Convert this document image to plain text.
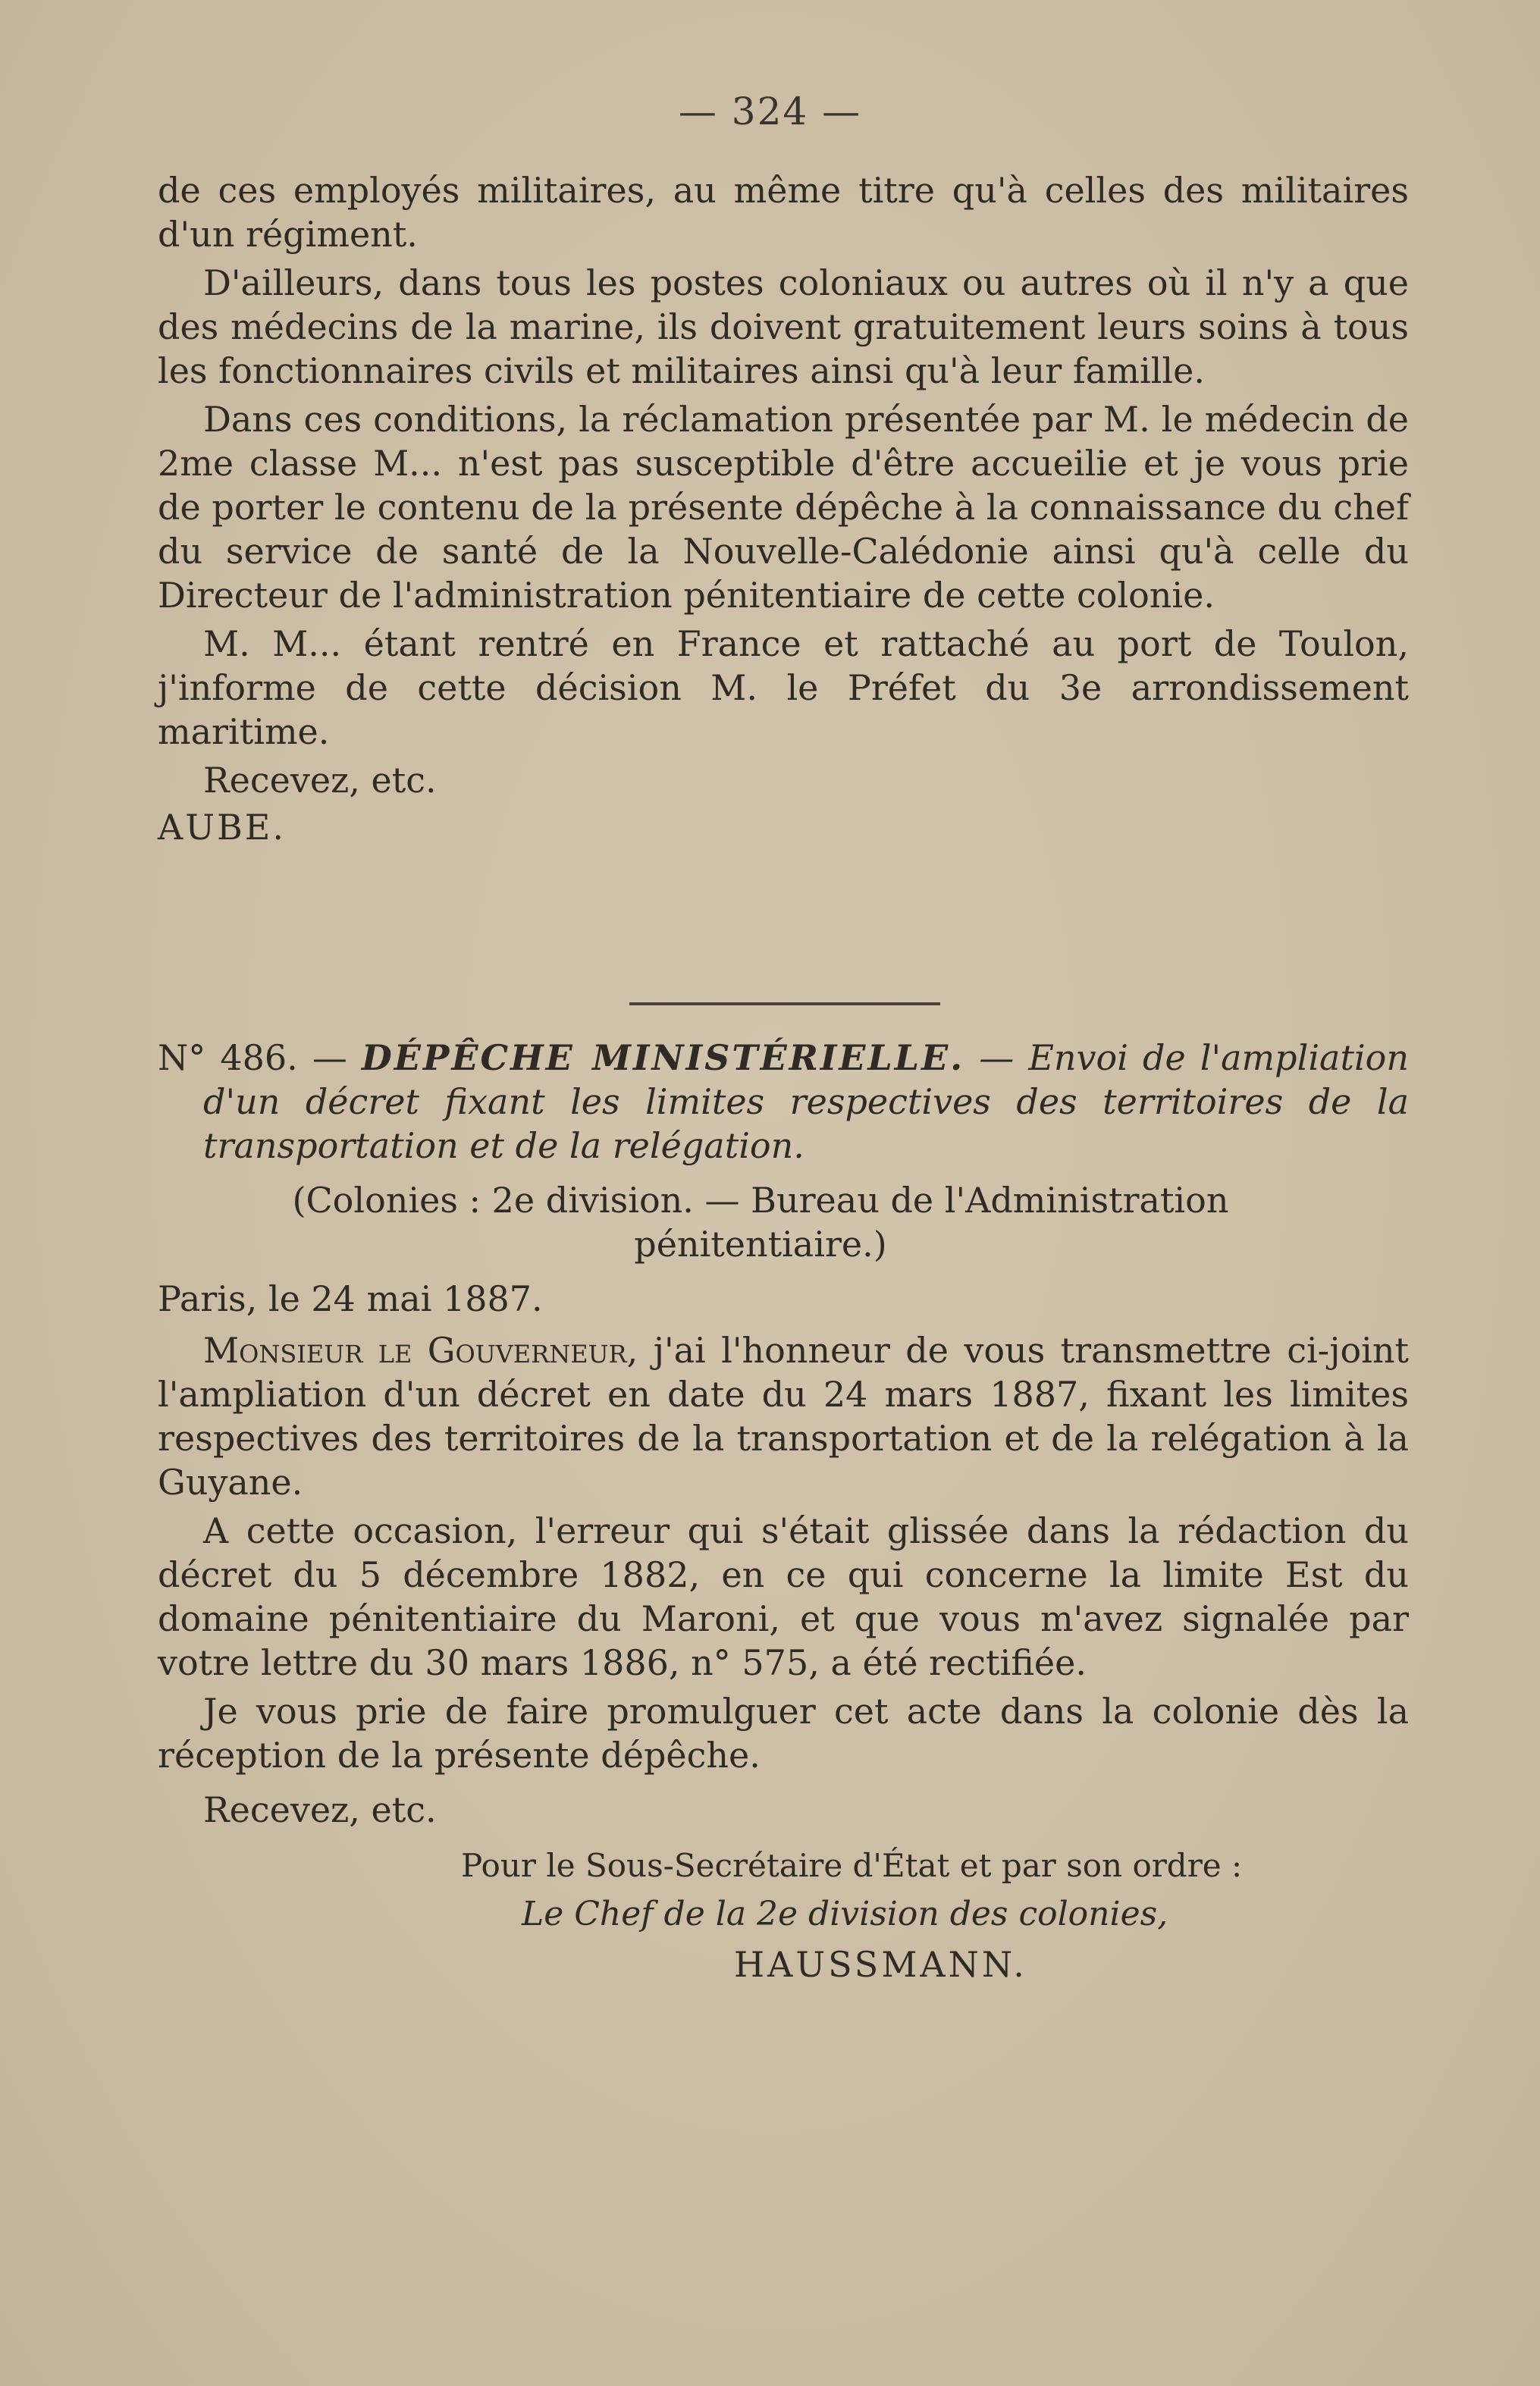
— 324 —

de ces employés militaires, au même titre qu'à celles des militaires d'un régiment.

D'ailleurs, dans tous les postes coloniaux ou autres où il n'y a que des médecins de la marine, ils doivent gratuitement leurs soins à tous les fonctionnaires civils et militaires ainsi qu'à leur famille.

Dans ces conditions, la réclamation présentée par M. le médecin de 2me classe M... n'est pas susceptible d'être accueilie et je vous prie de porter le contenu de la présente dépêche à la connaissance du chef du service de santé de la Nouvelle-Calédonie ainsi qu'à celle du Directeur de l'administration pénitentiaire de cette colonie.

M. M... étant rentré en France et rattaché au port de Toulon, j'informe de cette décision M. le Préfet du 3e arrondissement maritime.

Recevez, etc.

AUBE.

N° 486. — DÉPÊCHE MINISTÉRIELLE. — Envoi de l'ampliation d'un décret fixant les limites respectives des territoires de la transportation et de la relégation.

(Colonies : 2e division. — Bureau de l'Administration pénitentiaire.)

Paris, le 24 mai 1887.

Monsieur le Gouverneur, j'ai l'honneur de vous transmettre ci-joint l'ampliation d'un décret en date du 24 mars 1887, fixant les limites respectives des territoires de la transportation et de la relégation à la Guyane.

A cette occasion, l'erreur qui s'était glissée dans la rédaction du décret du 5 décembre 1882, en ce qui concerne la limite Est du domaine pénitentiaire du Maroni, et que vous m'avez signalée par votre lettre du 30 mars 1886, n° 575, a été rectifiée.

Je vous prie de faire promulguer cet acte dans la colonie dès la réception de la présente dépêche.

Recevez, etc.

Pour le Sous-Secrétaire d'État et par son ordre :

Le Chef de la 2e division des colonies,

HAUSSMANN.
